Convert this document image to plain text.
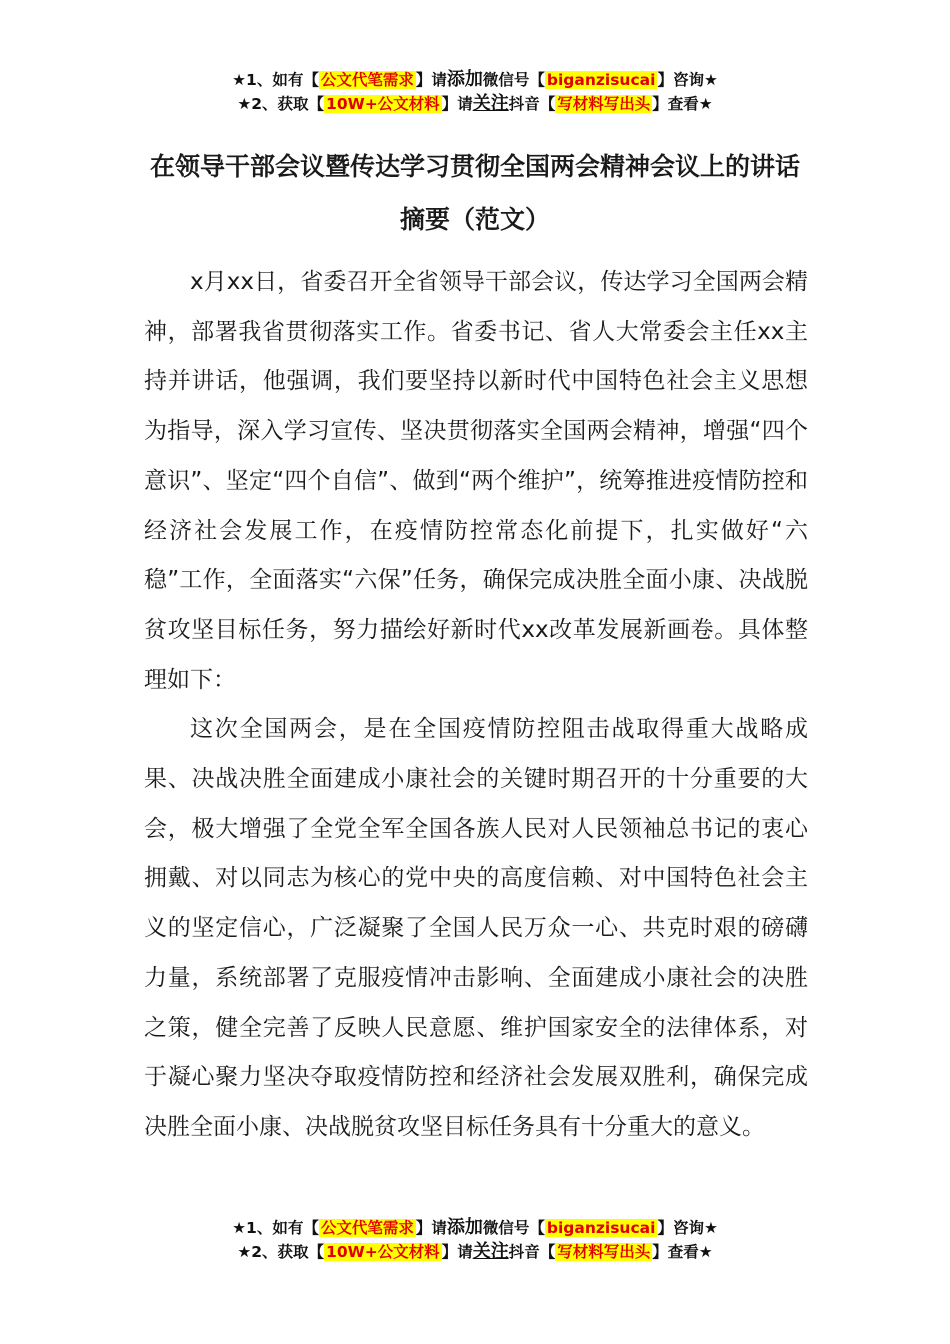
★1、如有【 公文代笔需求 】请添加微信号【 biganzisucai 】咨询★
★2、获取【 10W+公文材料 】请关注抖音【 写材料写出头 】查看★
在领导干部会议暨传达学习贯彻全国两会精神会议上的讲话摘要（范文）

x月xx日，省委召开全省领导干部会议，传达学习全国两会精神，部署我省贯彻落实工作。省委书记、省人大常委会主任xx主持并讲话，他强调，我们要坚持以新时代中国特色社会主义思想为指导，深入学习宣传、坚决贯彻落实全国两会精神，增强“四个意识”、坚定“四个自信”、做到“两个维护”，统筹推进疫情防控和经济社会发展工作，在疫情防控常态化前提下，扎实做好“六稳”工作，全面落实“六保”任务，确保完成决胜全面小康、决战脱贫攻坚目标任务，努力描绘好新时代xx改革发展新画卷。具体整理如下：

这次全国两会，是在全国疫情防控阻击战取得重大战略成果、决战决胜全面建成小康社会的关键时期召开的十分重要的大会，极大增强了全党全军全国各族人民对人民领袖总书记的衷心拥戴、对以同志为核心的党中央的高度信赖、对中国特色社会主义的坚定信心，广泛凝聚了全国人民万众一心、共克时艰的磅礴力量，系统部署了克服疫情冲击影响、全面建成小康社会的决胜之策，健全完善了反映人民意愿、维护国家安全的法律体系，对于凝心聚力坚决夺取疫情防控和经济社会发展双胜利，确保完成决胜全面小康、决战脱贫攻坚目标任务具有十分重大的意义。

★1、如有【 公文代笔需求 】请添加微信号【 biganzisucai 】咨询★
★2、获取【 10W+公文材料 】请关注抖音【 写材料写出头 】查看★
